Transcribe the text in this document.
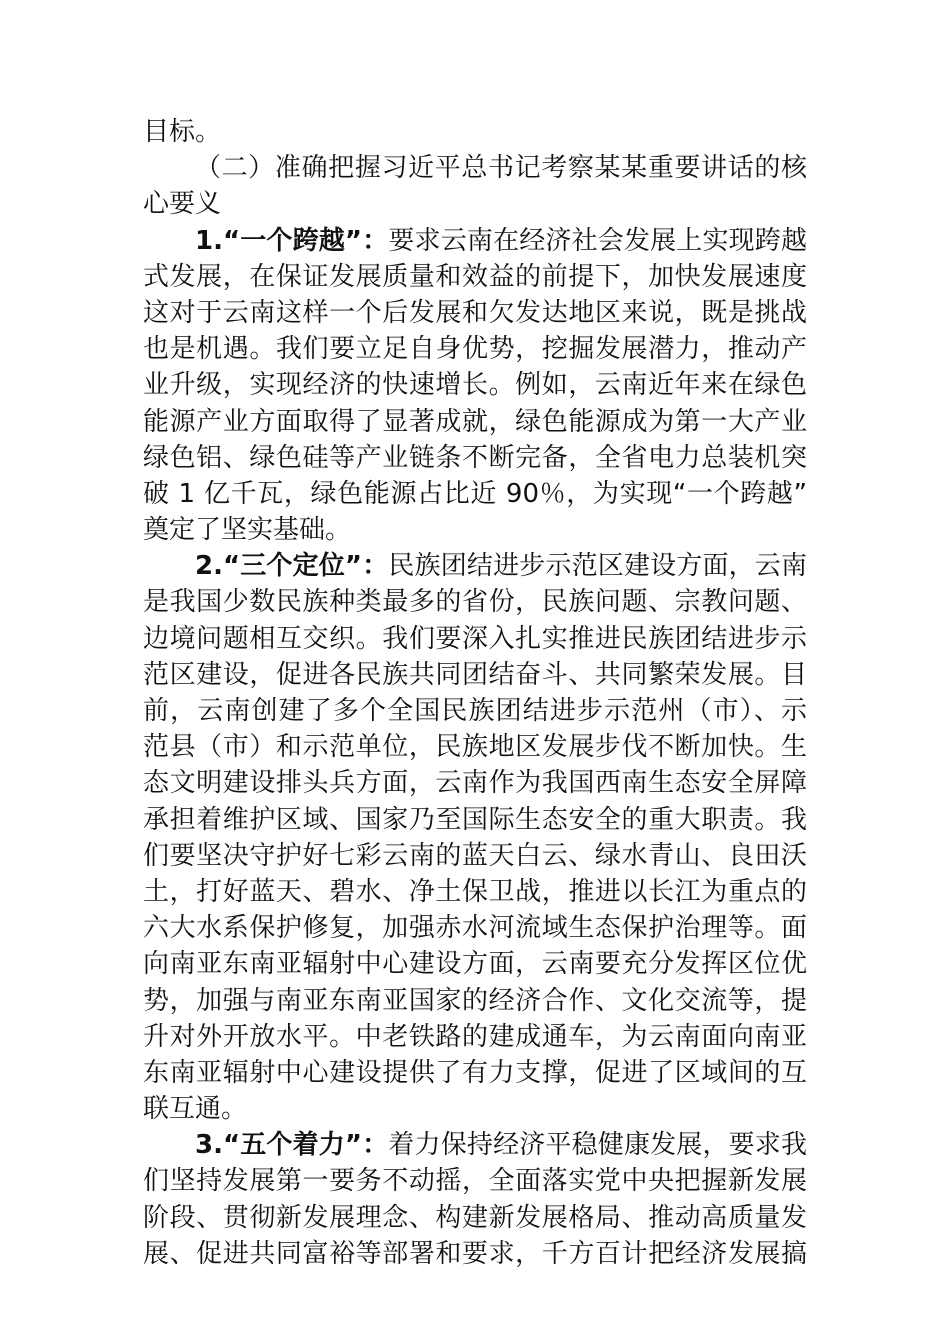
目标。
（二）准确把握习近平总书记考察某某重要讲话的核
心要义
1.“一个跨越”：要求云南在经济社会发展上实现跨越
式发展，在保证发展质量和效益的前提下，加快发展速度
这对于云南这样一个后发展和欠发达地区来说，既是挑战
也是机遇。我们要立足自身优势，挖掘发展潜力，推动产
业升级，实现经济的快速增长。例如，云南近年来在绿色
能源产业方面取得了显著成就，绿色能源成为第一大产业
绿色铝、绿色硅等产业链条不断完备，全省电力总装机突
破 1 亿千瓦，绿色能源占比近 90％，为实现“一个跨越”
奠定了坚实基础。
2.“三个定位”：民族团结进步示范区建设方面，云南
是我国少数民族种类最多的省份，民族问题、宗教问题、
边境问题相互交织。我们要深入扎实推进民族团结进步示
范区建设，促进各民族共同团结奋斗、共同繁荣发展。目
前，云南创建了多个全国民族团结进步示范州（市）、示
范县（市）和示范单位，民族地区发展步伐不断加快。生
态文明建设排头兵方面，云南作为我国西南生态安全屏障
承担着维护区域、国家乃至国际生态安全的重大职责。我
们要坚决守护好七彩云南的蓝天白云、绿水青山、良田沃
土，打好蓝天、碧水、净土保卫战，推进以长江为重点的
六大水系保护修复，加强赤水河流域生态保护治理等。面
向南亚东南亚辐射中心建设方面，云南要充分发挥区位优
势，加强与南亚东南亚国家的经济合作、文化交流等，提
升对外开放水平。中老铁路的建成通车，为云南面向南亚
东南亚辐射中心建设提供了有力支撑，促进了区域间的互
联互通。
3.“五个着力”：着力保持经济平稳健康发展，要求我
们坚持发展第一要务不动摇，全面落实党中央把握新发展
阶段、贯彻新发展理念、构建新发展格局、推动高质量发
展、促进共同富裕等部署和要求，千方百计把经济发展搞
